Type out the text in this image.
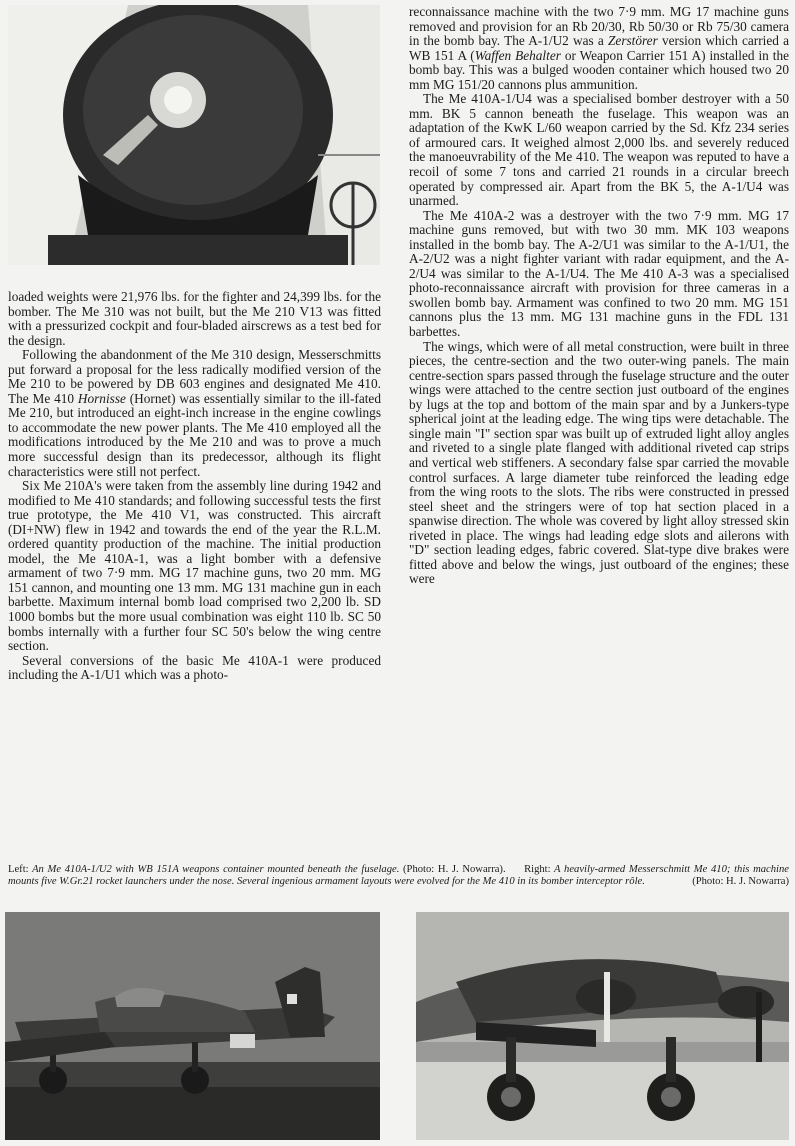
loaded weights were 21,976 lbs. for the fighter and 24,399 lbs. for the bomber. The Me 310 was not built, but the Me 210 V13 was fitted with a pressurized cockpit and four-bladed airscrews as a test bed for the design.

Following the abandonment of the Me 310 design, Messerschmitts put forward a proposal for the less radically modified version of the Me 210 to be powered by DB 603 engines and designated Me 410. The Me 410 Hornisse (Hornet) was essentially similar to the ill-fated Me 210, but introduced an eight-inch increase in the engine cowlings to accommodate the new power plants. The Me 410 employed all the modifications introduced by the Me 210 and was to prove a much more successful design than its predecessor, although its flight characteristics were still not perfect.

Six Me 210A's were taken from the assembly line during 1942 and modified to Me 410 standards; and following successful tests the first true prototype, the Me 410 V1, was constructed. This aircraft (DI+NW) flew in 1942 and towards the end of the year the R.L.M. ordered quantity production of the machine. The initial production model, the Me 410A-1, was a light bomber with a defensive armament of two 7·9 mm. MG 17 machine guns, two 20 mm. MG 151 cannon, and mounting one 13 mm. MG 131 machine gun in each barbette. Maximum internal bomb load comprised two 2,200 lb. SD 1000 bombs but the more usual combination was eight 110 lb. SC 50 bombs internally with a further four SC 50's below the wing centre section.

Several conversions of the basic Me 410A-1 were produced including the A-1/U1 which was a photo-

reconnaissance machine with the two 7·9 mm. MG 17 machine guns removed and provision for an Rb 20/30, Rb 50/30 or Rb 75/30 camera in the bomb bay. The A-1/U2 was a Zerstörer version which carried a WB 151 A (Waffen Behalter or Weapon Carrier 151 A) installed in the bomb bay. This was a bulged wooden container which housed two 20 mm MG 151/20 cannons plus ammunition.

The Me 410A-1/U4 was a specialised bomber destroyer with a 50 mm. BK 5 cannon beneath the fuselage. This weapon was an adaptation of the KwK L/60 weapon carried by the Sd. Kfz 234 series of armoured cars. It weighed almost 2,000 lbs. and severely reduced the manoeuvrability of the Me 410. The weapon was reputed to have a recoil of some 7 tons and carried 21 rounds in a circular breech operated by compressed air. Apart from the BK 5, the A-1/U4 was unarmed.

The Me 410A-2 was a destroyer with the two 7·9 mm. MG 17 machine guns removed, but with two 30 mm. MK 103 weapons installed in the bomb bay. The A-2/U1 was similar to the A-1/U1, the A-2/U2 was a night fighter variant with radar equipment, and the A-2/U4 was similar to the A-1/U4. The Me 410 A-3 was a specialised photo-reconnaissance aircraft with provision for three cameras in a swollen bomb bay. Armament was confined to two 20 mm. MG 151 cannons plus the 13 mm. MG 131 machine guns in the FDL 131 barbettes.

The wings, which were of all metal construction, were built in three pieces, the centre-section and the two outer-wing panels. The main centre-section spars passed through the fuselage structure and the outer wings were attached to the centre section just outboard of the engines by lugs at the top and bottom of the main spar and by a Junkers-type spherical joint at the leading edge. The wing tips were detachable. The single main "I" section spar was built up of extruded light alloy angles and riveted to a single plate flanged with additional riveted cap strips and vertical web stiffeners. A secondary false spar carried the movable control surfaces. A large diameter tube reinforced the leading edge from the wing roots to the slots. The ribs were constructed in pressed steel sheet and the stringers were of top hat section placed in a spanwise direction. The whole was covered by light alloy stressed skin riveted in place. The wings had leading edge slots and ailerons with "D" section leading edges, fabric covered. Slat-type dive brakes were fitted above and below the wings, just outboard of the engines; these were

Left: An Me 410A-1/U2 with WB 151A weapons container mounted beneath the fuselage. (Photo: H. J. Nowarra). Right: A heavily-armed Messerschmitt Me 410; this machine mounts five W.Gr.21 rocket launchers under the nose. Several ingenious armament layouts were evolved for the Me 410 in its bomber interceptor rôle.	(Photo: H. J. Nowarra)
